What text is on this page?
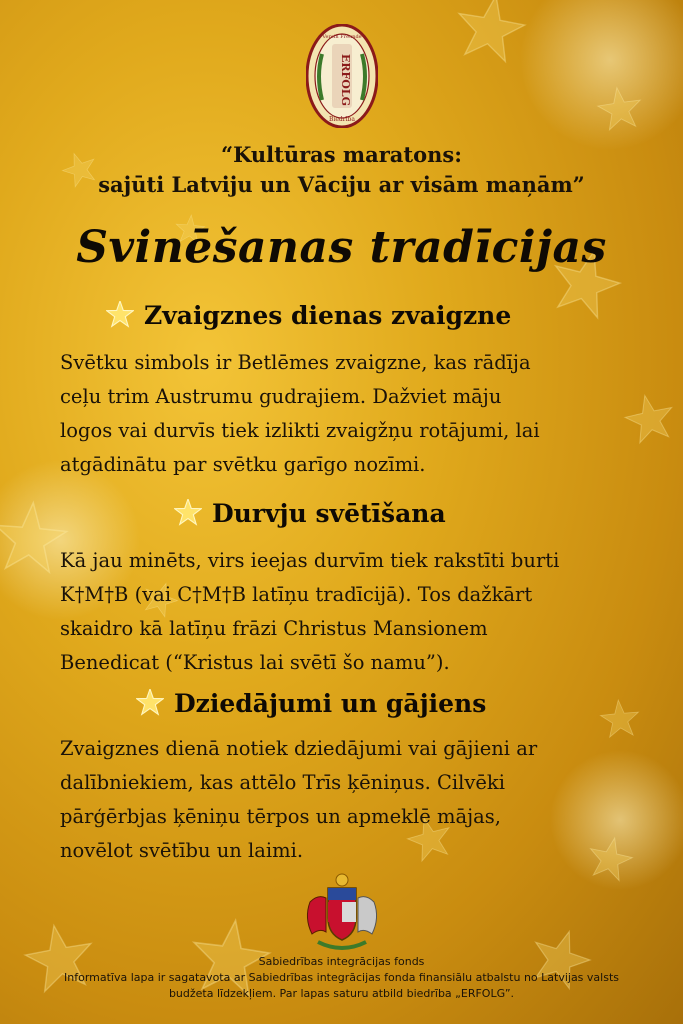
ERFOLG
Verein Freunde
Biedrība
“Kultūras maratons:
sajūti Latviju un Vāciju ar visām maņām”
Svinēšanas tradīcijas
Zvaigznes dienas zvaigzne
Svētku simbols ir Betlēmes zvaigzne, kas rādīja
ceļu trim Austrumu gudrajiem. Dažviet māju
logos vai durvīs tiek izlikti zvaigžņu rotājumi, lai
atgādinātu par svētku garīgo nozīmi.
Durvju svētīšana
Kā jau minēts, virs ieejas durvīm tiek rakstīti burti
K†M†B (vai C†M†B latīņu tradīcijā). Tos dažkārt
skaidro kā latīņu frāzi Christus Mansionem
Benedicat (“Kristus lai svētī šo namu”).
Dziedājumi un gājiens
Zvaigznes dienā notiek dziedājumi vai gājieni ar
dalībniekiem, kas attēlo Trīs ķēniņus. Cilvēki
pārģērbjas ķēniņu tērpos un apmeklē mājas,
novēlot svētību un laimi.
Sabiedrības integrācijas fonds
Informatīva lapa ir sagatavota ar Sabiedrības integrācijas fonda finansiālu atbalstu no Latvijas valsts
budžeta līdzekļiem. Par lapas saturu atbild biedrība „ERFOLG”.
